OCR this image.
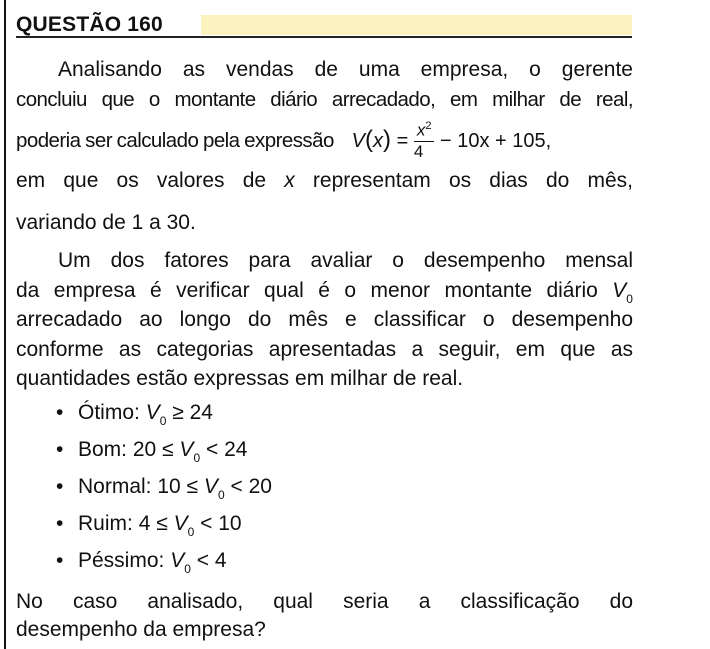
QUESTÃO 160
Analisando as vendas de uma empresa, o gerente
concluiu que o montante diário arrecadado, em milhar de real,
poderia ser calculado pela expressão $V(x) = \frac{x^2}{4} - 10x + 105$,
em que os valores de x representam os dias do mês,
variando de 1 a 30.
Um dos fatores para avaliar o desempenho mensal
da empresa é verificar qual é o menor montante diário $V_0$
arrecadado ao longo do mês e classificar o desempenho
conforme as categorias apresentadas a seguir, em que as
quantidades estão expressas em milhar de real.
• Ótimo: $V_0 \ge 24$
• Bom: $20 \le V_0 < 24$
• Normal: $10 \le V_0 < 20$
• Ruim: $4 \le V_0 < 10$
• Péssimo: $V_0 < 4$
No caso analisado, qual seria a classificação do
desempenho da empresa?
